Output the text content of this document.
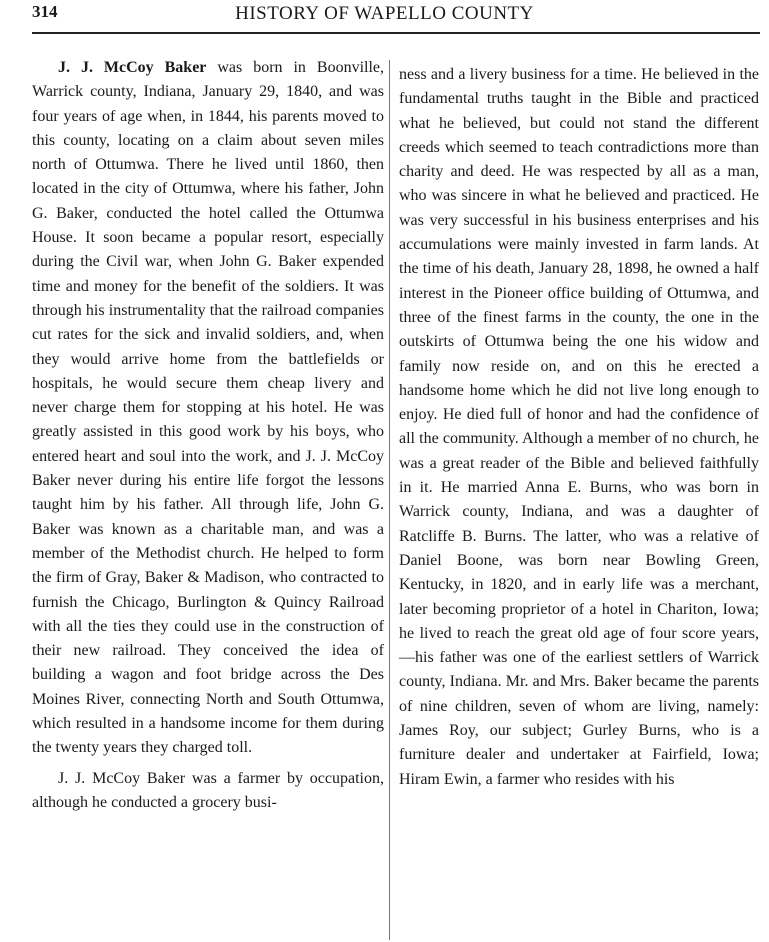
314	HISTORY OF WAPELLO COUNTY

J. J. McCoy Baker was born in Boonville, Warrick county, Indiana, January 29, 1840, and was four years of age when, in 1844, his parents moved to this county, locating on a claim about seven miles north of Ottumwa. There he lived until 1860, then located in the city of Ottumwa, where his father, John G. Baker, conducted the hotel called the Ottumwa House. It soon became a popular resort, especially during the Civil war, when John G. Baker expended time and money for the benefit of the soldiers. It was through his instrumentality that the railroad companies cut rates for the sick and invalid soldiers, and, when they would arrive home from the battlefields or hospitals, he would secure them cheap livery and never charge them for stopping at his hotel. He was greatly assisted in this good work by his boys, who entered heart and soul into the work, and J. J. McCoy Baker never during his entire life forgot the lessons taught him by his father. All through life, John G. Baker was known as a charitable man, and was a member of the Methodist church. He helped to form the firm of Gray, Baker & Madison, who contracted to furnish the Chicago, Burlington & Quincy Railroad with all the ties they could use in the construction of their new railroad. They conceived the idea of building a wagon and foot bridge across the Des Moines River, connecting North and South Ottumwa, which resulted in a handsome income for them during the twenty years they charged toll.

J. J. McCoy Baker was a farmer by occupation, although he conducted a grocery busi-

ness and a livery business for a time. He believed in the fundamental truths taught in the Bible and practiced what he believed, but could not stand the different creeds which seemed to teach contradictions more than charity and deed. He was respected by all as a man, who was sincere in what he believed and practiced. He was very successful in his business enterprises and his accumulations were mainly invested in farm lands. At the time of his death, January 28, 1898, he owned a half interest in the Pioneer office building of Ottumwa, and three of the finest farms in the county, the one in the outskirts of Ottumwa being the one his widow and family now reside on, and on this he erected a handsome home which he did not live long enough to enjoy. He died full of honor and had the confidence of all the community. Although a member of no church, he was a great reader of the Bible and believed faithfully in it. He married Anna E. Burns, who was born in Warrick county, Indiana, and was a daughter of Ratcliffe B. Burns. The latter, who was a relative of Daniel Boone, was born near Bowling Green, Kentucky, in 1820, and in early life was a merchant, later becoming proprietor of a hotel in Chariton, Iowa; he lived to reach the great old age of four score years, —his father was one of the earliest settlers of Warrick county, Indiana. Mr. and Mrs. Baker became the parents of nine children, seven of whom are living, namely: James Roy, our subject; Gurley Burns, who is a furniture dealer and undertaker at Fairfield, Iowa; Hiram Ewin, a farmer who resides with his
